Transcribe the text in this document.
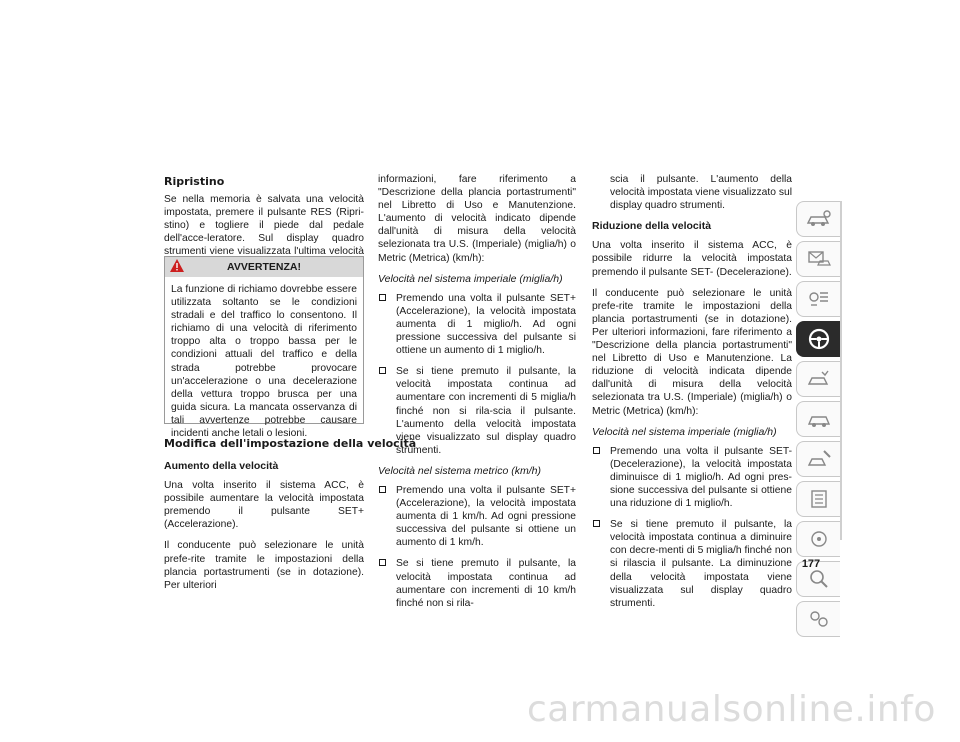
Ripristino

Se nella memoria è salvata una velocità impostata, premere il pulsante RES (Ripri-stino) e togliere il piede dal pedale dell'acce-leratore. Sul display quadro strumenti viene visualizzata l'ultima velocità

AVVERTENZA!
La funzione di richiamo dovrebbe essere utilizzata soltanto se le condizioni stradali e del traffico lo consentono. Il richiamo di una velocità di riferimento troppo alta o troppo bassa per le condizioni attuali del traffico e della strada potrebbe provocare un'accelerazione o una decelerazione della vettura troppo brusca per una guida sicura. La mancata osservanza di tali avvertenze potrebbe causare incidenti anche letali o lesioni.
Modifica dell'impostazione della velocità
Aumento della velocità

Una volta inserito il sistema ACC, è possibile aumentare la velocità impostata premendo il pulsante SET+ (Accelerazione).

Il conducente può selezionare le unità prefe-rite tramite le impostazioni della plancia portastrumenti (se in dotazione). Per ulteriori

informazioni, fare riferimento a "Descrizione della plancia portastrumenti" nel Libretto di Uso e Manutenzione. L'aumento di velocità indicato dipende dall'unità di misura della velocità selezionata tra U.S. (Imperiale) (miglia/h) o Metric (Metrica) (km/h):

Velocità nel sistema imperiale (miglia/h)
Premendo una volta il pulsante SET+ (Accelerazione), la velocità impostata aumenta di 1 miglio/h. Ad ogni pressione successiva del pulsante si ottiene un aumento di 1 miglio/h.
Se si tiene premuto il pulsante, la velocità impostata continua ad aumentare con incrementi di 5 miglia/h finché non si rila-scia il pulsante. L'aumento della velocità impostata viene visualizzato sul display quadro strumenti.
Velocità nel sistema metrico (km/h)
Premendo una volta il pulsante SET+ (Accelerazione), la velocità impostata aumenta di 1 km/h. Ad ogni pressione successiva del pulsante si ottiene un aumento di 1 km/h.
Se si tiene premuto il pulsante, la velocità impostata continua ad aumentare con incrementi di 10 km/h finché non si rila-

scia il pulsante. L'aumento della velocità impostata viene visualizzato sul display quadro strumenti.

Riduzione della velocità

Una volta inserito il sistema ACC, è possibile ridurre la velocità impostata premendo il pulsante SET- (Decelerazione).

Il conducente può selezionare le unità prefe-rite tramite le impostazioni della plancia portastrumenti (se in dotazione). Per ulteriori informazioni, fare riferimento a "Descrizione della plancia portastrumenti" nel Libretto di Uso e Manutenzione. La riduzione di velocità indicata dipende dall'unità di misura della velocità selezionata tra U.S. (Imperiale) (miglia/h) o Metric (Metrica) (km/h):

Velocità nel sistema imperiale (miglia/h)
Premendo una volta il pulsante SET- (Decelerazione), la velocità impostata diminuisce di 1 miglio/h. Ad ogni pres-sione successiva del pulsante si ottiene una riduzione di 1 miglio/h.
Se si tiene premuto il pulsante, la velocità impostata continua a diminuire con decre-menti di 5 miglia/h finché non si rilascia il pulsante. La diminuzione della velocità impostata viene visualizzata sul display quadro strumenti.
177
carmanualsonline.info
